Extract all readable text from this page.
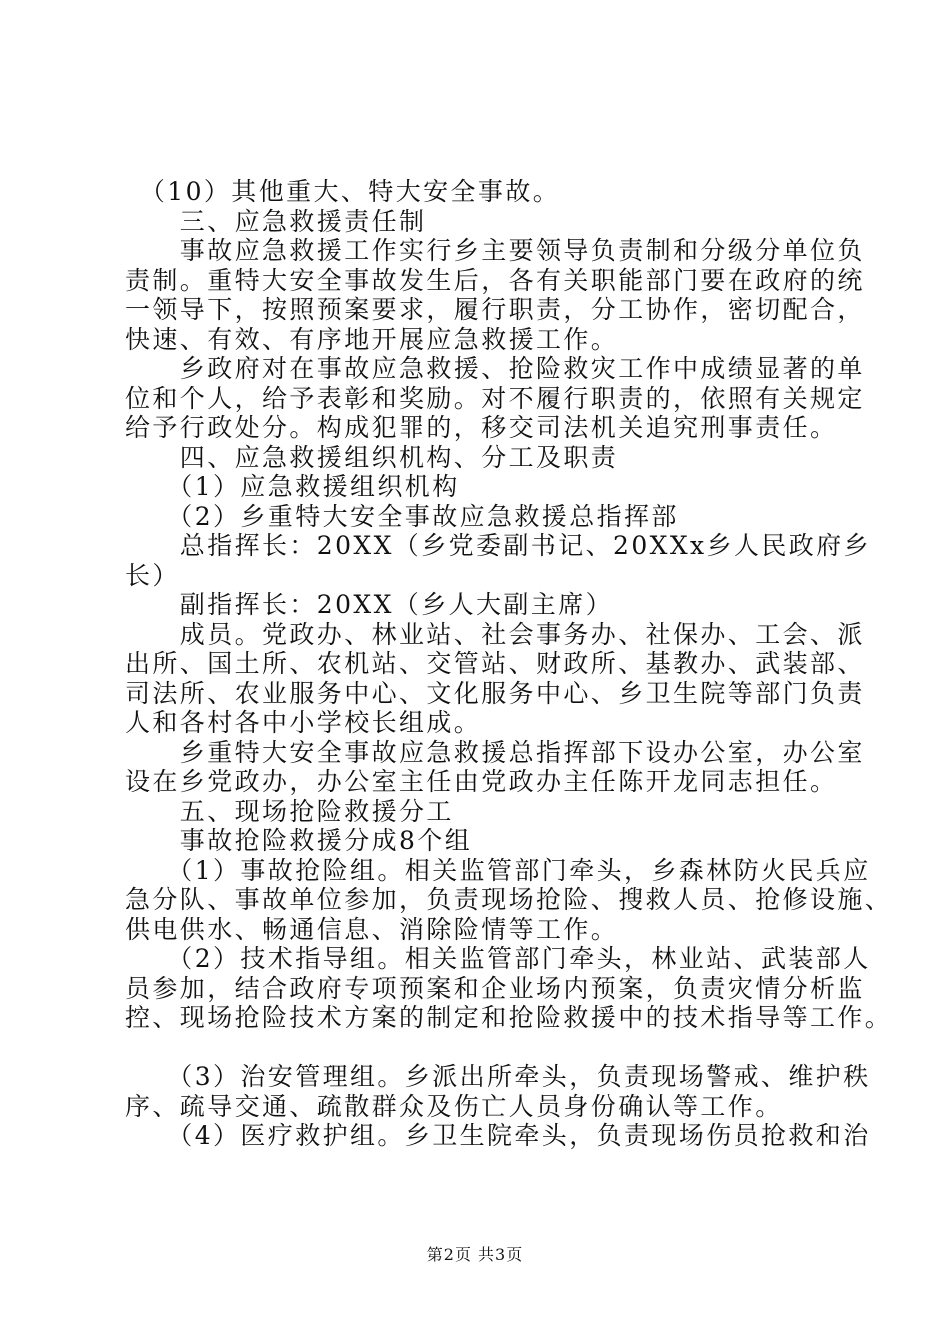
　（10）其他重大、特大安全事故。
　　三、应急救援责任制
　　事故应急救援工作实行乡主要领导负责制和分级分单位负
责制。重特大安全事故发生后，各有关职能部门要在政府的统
一领导下，按照预案要求，履行职责，分工协作，密切配合，
快速、有效、有序地开展应急救援工作。
　　乡政府对在事故应急救援、抢险救灾工作中成绩显著的单
位和个人，给予表彰和奖励。对不履行职责的，依照有关规定
给予行政处分。构成犯罪的，移交司法机关追究刑事责任。
　　四、应急救援组织机构、分工及职责
　　（1）应急救援组织机构
　　（2）乡重特大安全事故应急救援总指挥部
　　总指挥长：20XX（乡党委副书记、20XXx乡人民政府乡
长）
　　副指挥长：20XX（乡人大副主席）
　　成员。党政办、林业站、社会事务办、社保办、工会、派
出所、国土所、农机站、交管站、财政所、基教办、武装部、
司法所、农业服务中心、文化服务中心、乡卫生院等部门负责
人和各村各中小学校长组成。
　　乡重特大安全事故应急救援总指挥部下设办公室，办公室
设在乡党政办，办公室主任由党政办主任陈开龙同志担任。
　　五、现场抢险救援分工
　　事故抢险救援分成8个组
　　（1）事故抢险组。相关监管部门牵头，乡森林防火民兵应
急分队、事故单位参加，负责现场抢险、搜救人员、抢修设施、
供电供水、畅通信息、消除险情等工作。
　　（2）技术指导组。相关监管部门牵头，林业站、武装部人
员参加，结合政府专项预案和企业场内预案，负责灾情分析监
控、现场抢险技术方案的制定和抢险救援中的技术指导等工作。
　　（3）治安管理组。乡派出所牵头，负责现场警戒、维护秩
序、疏导交通、疏散群众及伤亡人员身份确认等工作。
　　（4）医疗救护组。乡卫生院牵头，负责现场伤员抢救和治
第2页 共3页
